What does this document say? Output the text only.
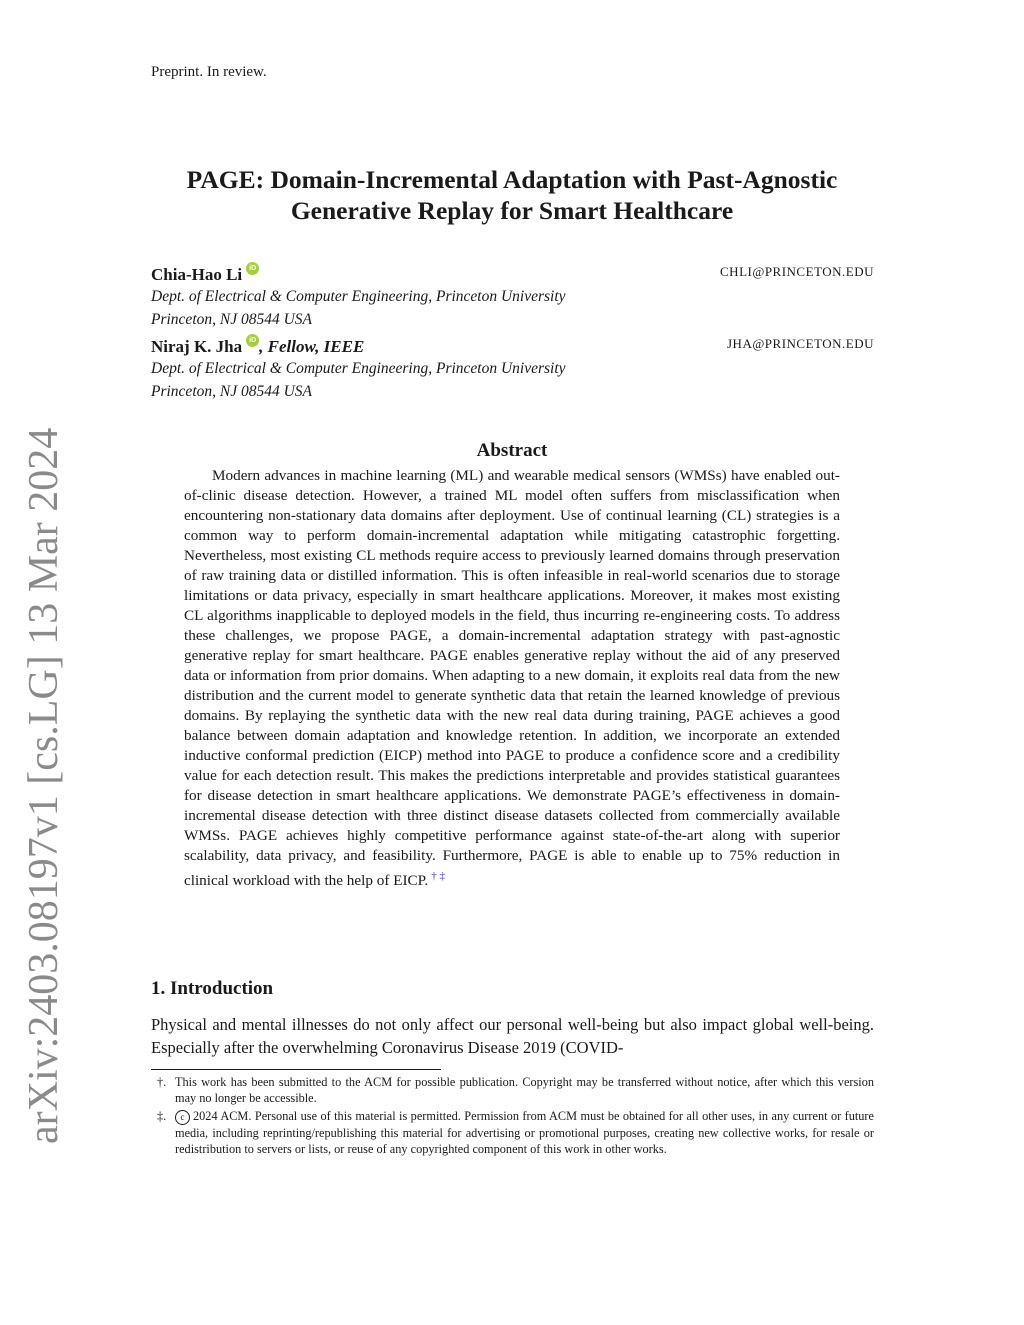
arXiv:2403.08197v1 [cs.LG] 13 Mar 2024
Preprint. In review.
PAGE: Domain-Incremental Adaptation with Past-Agnostic
Generative Replay for Smart Healthcare
Chia-Hao Li iD	CHLI@PRINCETON.EDU
Dept. of Electrical & Computer Engineering, Princeton University
Princeton, NJ 08544 USA
Niraj K. Jha iD , Fellow, IEEE	JHA@PRINCETON.EDU
Dept. of Electrical & Computer Engineering, Princeton University
Princeton, NJ 08544 USA
Abstract
Modern advances in machine learning (ML) and wearable medical sensors (WMSs) have enabled out-of-clinic disease detection. However, a trained ML model often suffers from misclassification when encountering non-stationary data domains after deployment. Use of continual learning (CL) strategies is a common way to perform domain-incremental adaptation while mitigating catastrophic forgetting. Nevertheless, most existing CL methods require access to previously learned domains through preservation of raw training data or distilled information. This is often infeasible in real-world scenarios due to storage limitations or data privacy, especially in smart healthcare applications. Moreover, it makes most existing CL algorithms inapplicable to deployed models in the field, thus incurring re-engineering costs. To address these challenges, we propose PAGE, a domain-incremental adaptation strategy with past-agnostic generative replay for smart healthcare. PAGE enables generative replay without the aid of any preserved data or information from prior domains. When adapting to a new domain, it exploits real data from the new distribution and the current model to generate synthetic data that retain the learned knowledge of previous domains. By replaying the synthetic data with the new real data during training, PAGE achieves a good balance between domain adaptation and knowledge retention. In addition, we incorporate an extended inductive conformal prediction (EICP) method into PAGE to produce a confidence score and a credibility value for each detection result. This makes the predictions interpretable and provides statistical guarantees for disease detection in smart healthcare applications. We demonstrate PAGE’s effectiveness in domain-incremental disease detection with three distinct disease datasets collected from commercially available WMSs. PAGE achieves highly competitive performance against state-of-the-art along with superior scalability, data privacy, and feasibility. Furthermore, PAGE is able to enable up to 75% reduction in clinical workload with the help of EICP. † ‡
1. Introduction
Physical and mental illnesses do not only affect our personal well-being but also impact global well-being. Especially after the overwhelming Coronavirus Disease 2019 (COVID-
†. This work has been submitted to the ACM for possible publication. Copyright may be transferred without notice, after which this version may no longer be accessible.
‡.	c 2024 ACM. Personal use of this material is permitted. Permission from ACM must be obtained for all other uses, in any current or future media, including reprinting/republishing this material for advertising or promotional purposes, creating new collective works, for resale or redistribution to servers or lists, or reuse of any copyrighted component of this work in other works.
